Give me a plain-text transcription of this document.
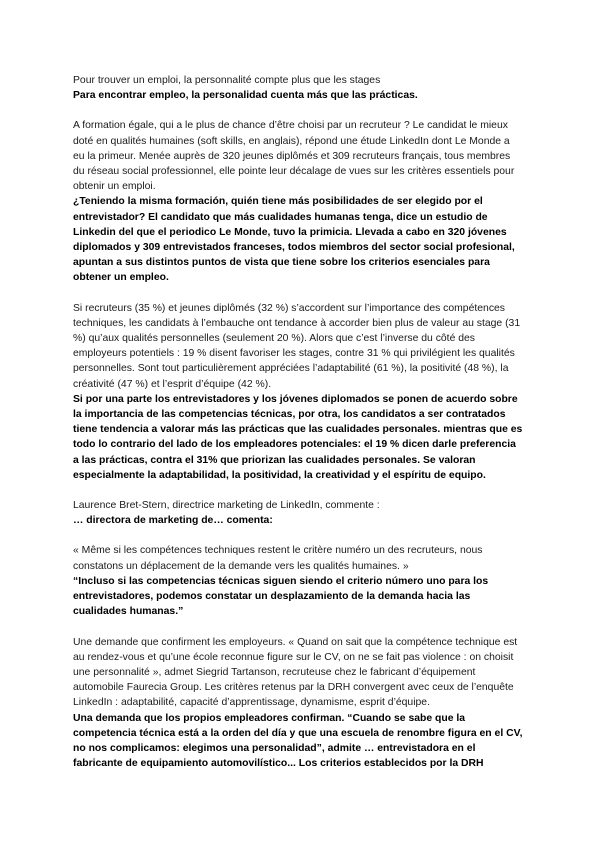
Pour trouver un emploi, la personnalité compte plus que les stages

Para encontrar empleo, la personalidad cuenta más que las prácticas.

A formation égale, qui a le plus de chance d’être choisi par un recruteur ? Le candidat le mieux doté en qualités humaines (soft skills, en anglais), répond une étude LinkedIn dont Le Monde a eu la primeur. Menée auprès de 320 jeunes diplômés et 309 recruteurs français, tous membres du réseau social professionnel, elle pointe leur décalage de vues sur les critères essentiels pour obtenir un emploi.

¿Teniendo la misma formación, quién tiene más posibilidades de ser elegido por el entrevistador? El candidato que más cualidades humanas tenga, dice un estudio de Linkedin del que el periodico Le Monde, tuvo la primicia. Llevada a cabo en 320 jóvenes diplomados y 309 entrevistados franceses, todos miembros del sector social profesional, apuntan a sus distintos puntos de vista que tiene sobre los criterios esenciales para obtener un empleo.

Si recruteurs (35 %) et jeunes diplômés (32 %) s’accordent sur l’importance des compétences techniques, les candidats à l’embauche ont tendance à accorder bien plus de valeur au stage (31 %) qu’aux qualités personnelles (seulement 20 %). Alors que c’est l’inverse du côté des employeurs potentiels : 19 % disent favoriser les stages, contre 31 % qui privilégient les qualités personnelles. Sont tout particulièrement appréciées l’adaptabilité (61 %), la positivité (48 %), la créativité (47 %) et l’esprit d’équipe (42 %).

Si por una parte los entrevistadores y los jóvenes diplomados se ponen de acuerdo sobre la importancia de las competencias técnicas, por otra, los candidatos a ser contratados tiene tendencia a valorar más las prácticas que las cualidades personales. mientras que es todo lo contrario del lado de los empleadores potenciales: el 19 % dicen darle preferencia a las prácticas, contra el 31% que priorizan las cualidades personales. Se valoran especialmente la adaptabilidad, la positividad, la creatividad y el espíritu de equipo.

Laurence Bret-Stern, directrice marketing de LinkedIn, commente :

… directora de marketing de… comenta:

« Même si les compétences techniques restent le critère numéro un des recruteurs, nous constatons un déplacement de la demande vers les qualités humaines. »

“Incluso si las competencias técnicas siguen siendo el criterio número uno para los entrevistadores, podemos constatar un desplazamiento de la demanda hacia las cualidades humanas.”

Une demande que confirment les employeurs. « Quand on sait que la compétence technique est au rendez-vous et qu’une école reconnue figure sur le CV, on ne se fait pas violence : on choisit une personnalité », admet Siegrid Tartanson, recruteuse chez le fabricant d’équipement automobile Faurecia Group. Les critères retenus par la DRH convergent avec ceux de l’enquête LinkedIn : adaptabilité, capacité d’apprentissage, dynamisme, esprit d’équipe.

Una demanda que los propios empleadores confirman. “Cuando se sabe que la competencia técnica está a la orden del día y que una escuela de renombre figura en el CV, no nos complicamos: elegimos una personalidad”, admite … entrevistadora en el fabricante de equipamiento automovilístico... Los criterios establecidos por la DRH
